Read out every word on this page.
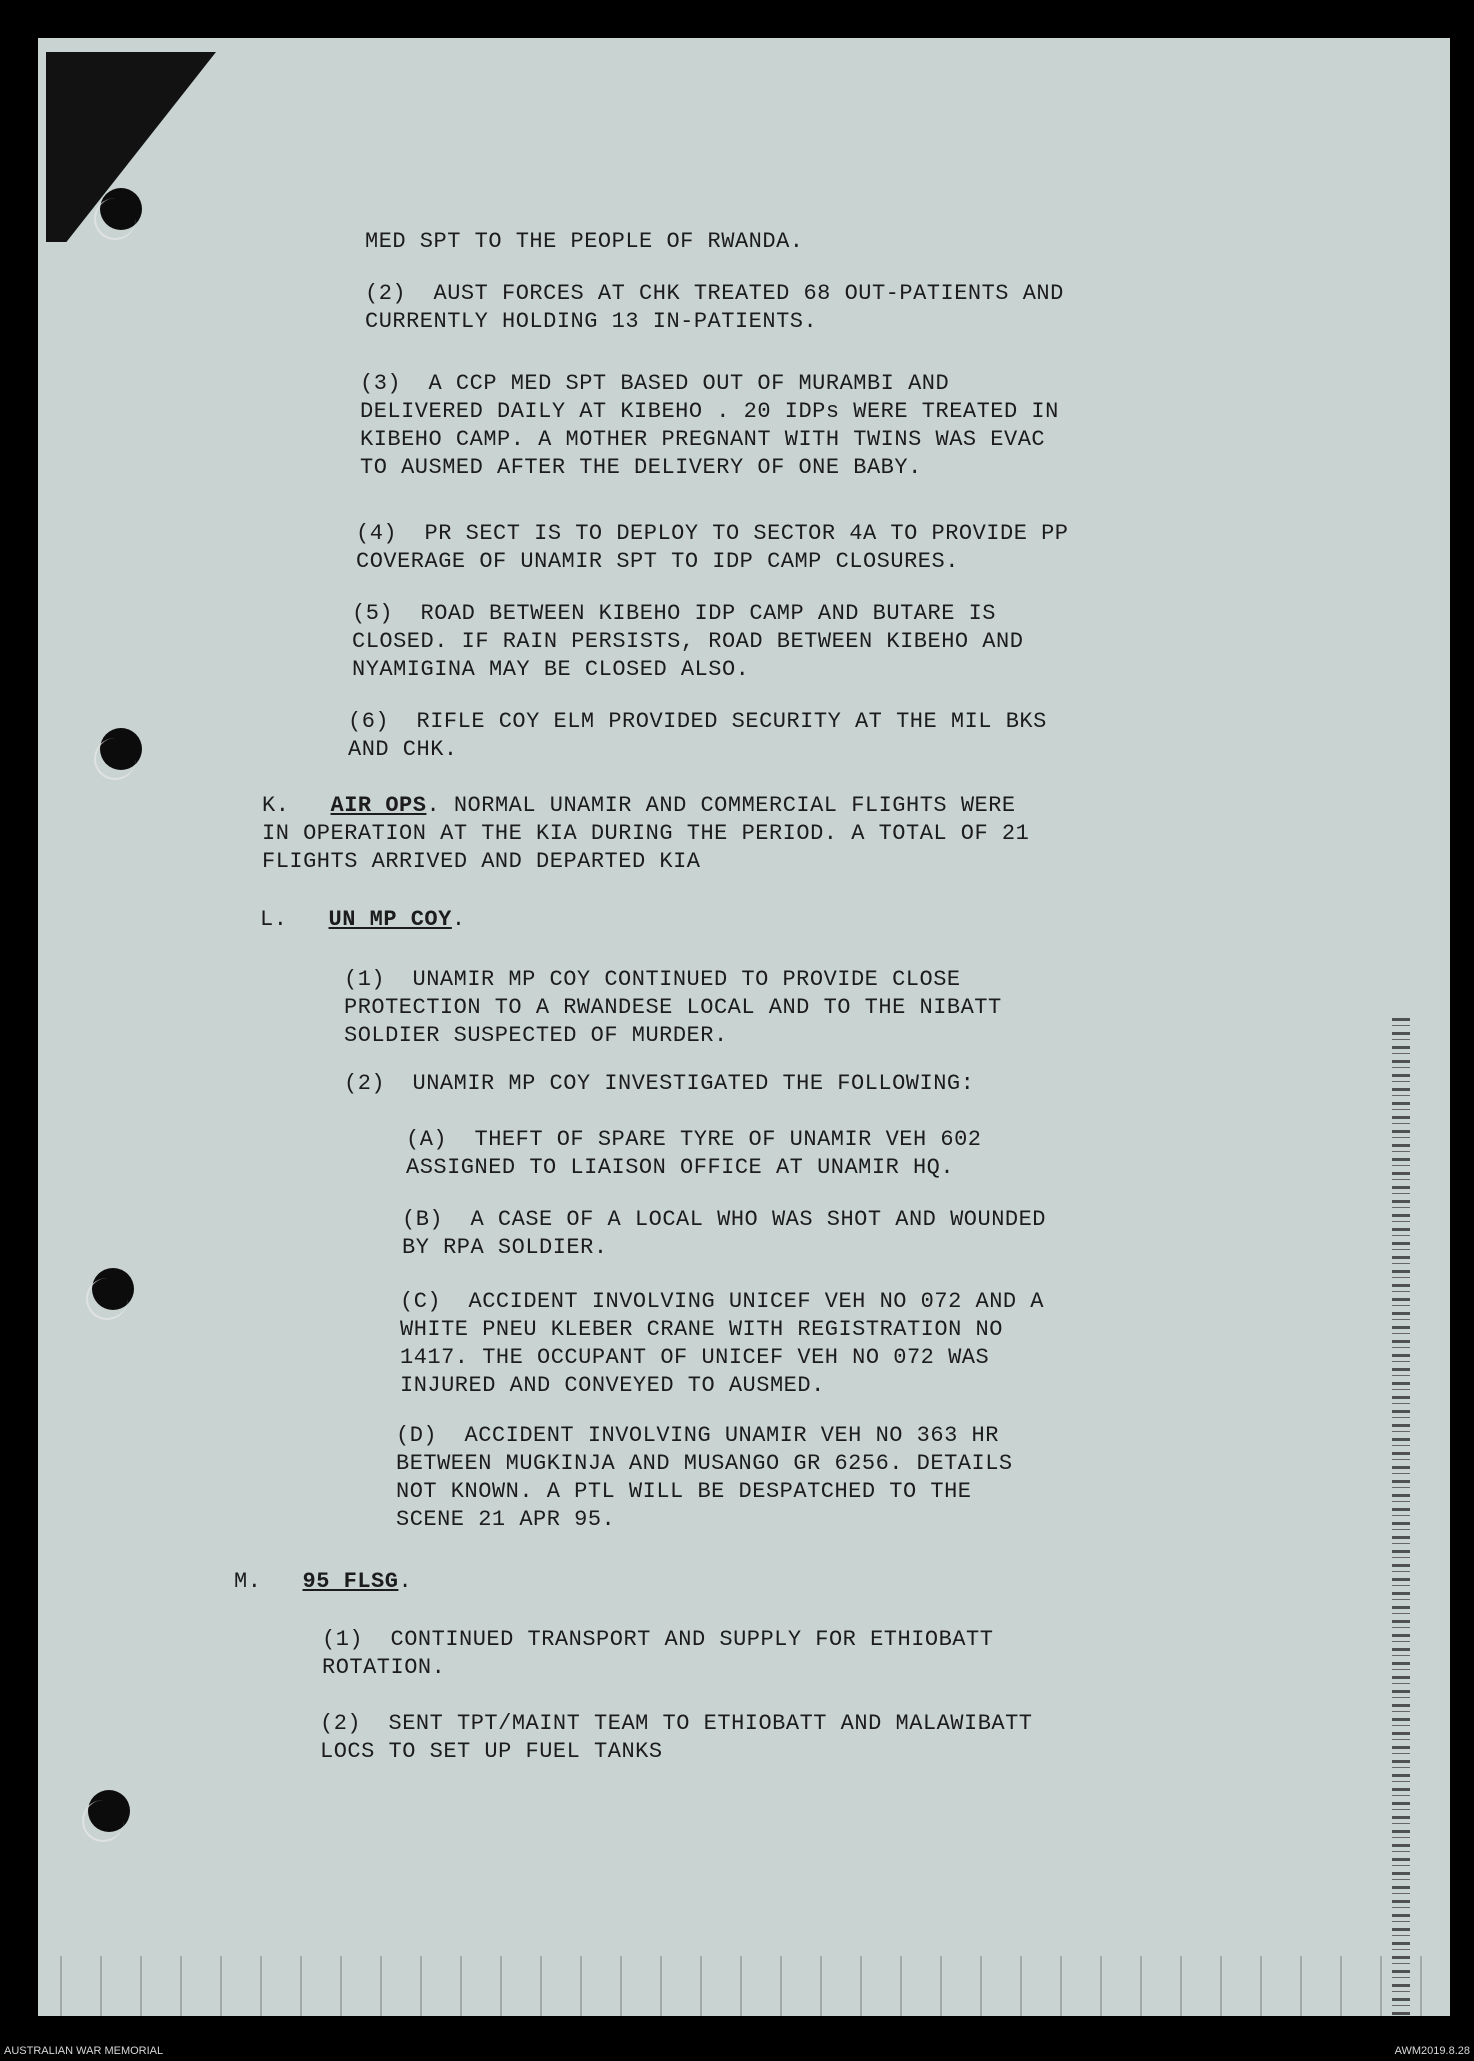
MED SPT TO THE PEOPLE OF RWANDA.

(2)  AUST FORCES AT CHK TREATED 68 OUT-PATIENTS AND
CURRENTLY HOLDING 13 IN-PATIENTS.

(3)  A CCP MED SPT BASED OUT OF MURAMBI AND
DELIVERED DAILY AT KIBEHO . 20 IDPs WERE TREATED IN
KIBEHO CAMP. A MOTHER PREGNANT WITH TWINS WAS EVAC
TO AUSMED AFTER THE DELIVERY OF ONE BABY.

(4)  PR SECT IS TO DEPLOY TO SECTOR 4A TO PROVIDE PP
COVERAGE OF UNAMIR SPT TO IDP CAMP CLOSURES.

(5)  ROAD BETWEEN KIBEHO IDP CAMP AND BUTARE IS
CLOSED. IF RAIN PERSISTS, ROAD BETWEEN KIBEHO AND
NYAMIGINA MAY BE CLOSED ALSO.

(6)  RIFLE COY ELM PROVIDED SECURITY AT THE MIL BKS
AND CHK.

K. AIR OPS. NORMAL UNAMIR AND COMMERCIAL FLIGHTS WERE
IN OPERATION AT THE KIA DURING THE PERIOD. A TOTAL OF 21
FLIGHTS ARRIVED AND DEPARTED KIA

L. UN MP COY.

(1)  UNAMIR MP COY CONTINUED TO PROVIDE CLOSE
PROTECTION TO A RWANDESE LOCAL AND TO THE NIBATT
SOLDIER SUSPECTED OF MURDER.

(2)  UNAMIR MP COY INVESTIGATED THE FOLLOWING:

(A)  THEFT OF SPARE TYRE OF UNAMIR VEH 602
ASSIGNED TO LIAISON OFFICE AT UNAMIR HQ.

(B)  A CASE OF A LOCAL WHO WAS SHOT AND WOUNDED
BY RPA SOLDIER.

(C)  ACCIDENT INVOLVING UNICEF VEH NO 072 AND A
WHITE PNEU KLEBER CRANE WITH REGISTRATION NO
1417. THE OCCUPANT OF UNICEF VEH NO 072 WAS
INJURED AND CONVEYED TO AUSMED.

(D)  ACCIDENT INVOLVING UNAMIR VEH NO 363 HR
BETWEEN MUGKINJA AND MUSANGO GR 6256. DETAILS
NOT KNOWN. A PTL WILL BE DESPATCHED TO THE
SCENE 21 APR 95.

M. 95 FLSG.

(1)  CONTINUED TRANSPORT AND SUPPLY FOR ETHIOBATT
ROTATION.

(2)  SENT TPT/MAINT TEAM TO ETHIOBATT AND MALAWIBATT
LOCS TO SET UP FUEL TANKS

AUSTRALIAN WAR MEMORIAL	AWM2019.8.28
